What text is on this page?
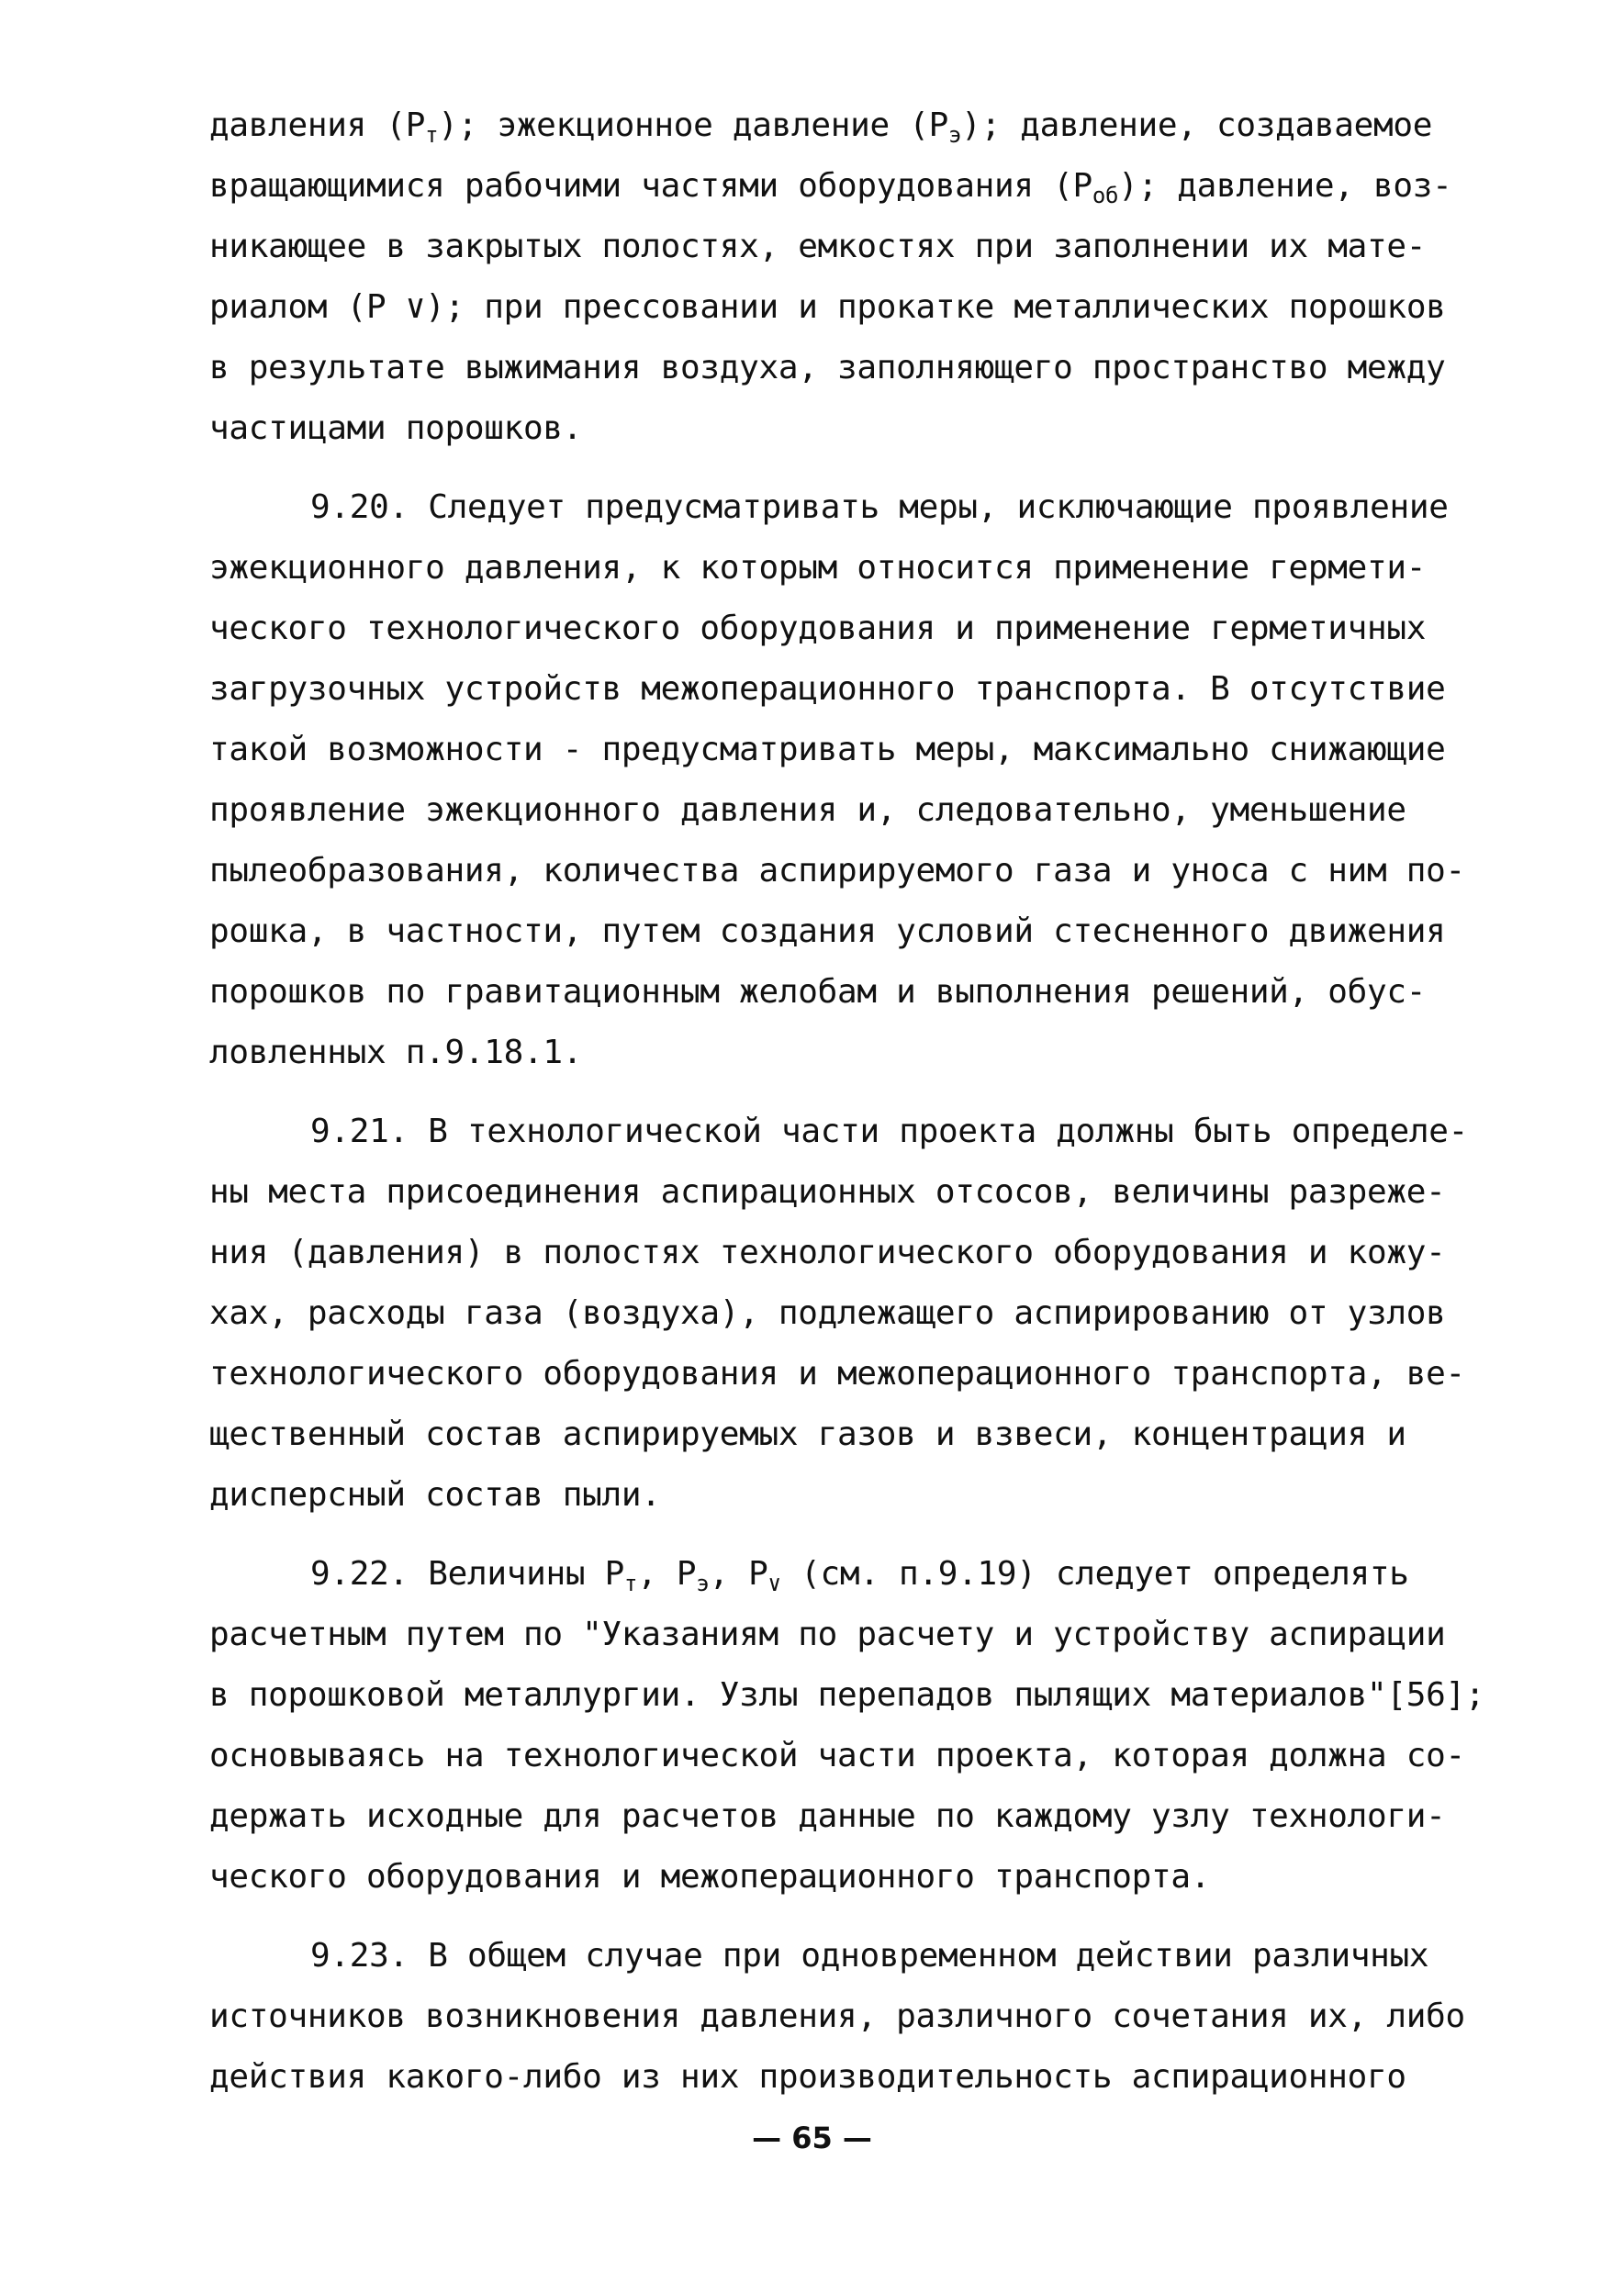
давления $(Р_т)$; эжекционное давление $(Р_э)$; давление, создаваемое
вращающимися рабочими частями оборудования $(Р_{об})$; давление, воз-
никающее в закрытых полостях, емкостях при заполнении их мате-
риалом (Р ∨); при прессовании и прокатке металлических порошков
в результате выжимания воздуха, заполняющего пространство между
частицами порошков.
9.20. Следует предусматривать меры, исключающие проявление
эжекционного давления, к которым относится применение гермети-
ческого технологического оборудования и применение герметичных
загрузочных устройств межоперационного транспорта. В отсутствие
такой возможности - предусматривать меры, максимально снижающие
проявление эжекционного давления и, следовательно, уменьшение
пылеобразования, количества аспирируемого газа и уноса с ним по-
рошка, в частности, путем создания условий стесненного движения
порошков по гравитационным желобам и выполнения решений, обус-
ловленных п.9.18.1.
9.21. В технологической части проекта должны быть определе-
ны места присоединения аспирационных отсосов, величины разреже-
ния (давления) в полостях технологического оборудования и кожу-
хах, расходы газа (воздуха), подлежащего аспирированию от узлов
технологического оборудования и межоперационного транспорта, ве-
щественный состав аспирируемых газов и взвеси, концентрация и
дисперсный состав пыли.
9.22. Величины $Р_т$, $Р_э$, $Р_\vee$ (см. п.9.19) следует определять
расчетным путем по "Указаниям по расчету и устройству аспирации
в порошковой металлургии. Узлы перепадов пылящих материалов"[56];
основываясь на технологической части проекта, которая должна со-
держать исходные для расчетов данные по каждому узлу технологи-
ческого оборудования и межоперационного транспорта.
9.23. В общем случае при одновременном действии различных
источников возникновения давления, различного сочетания их, либо
действия какого-либо из них производительность аспирационного
— 65 —
